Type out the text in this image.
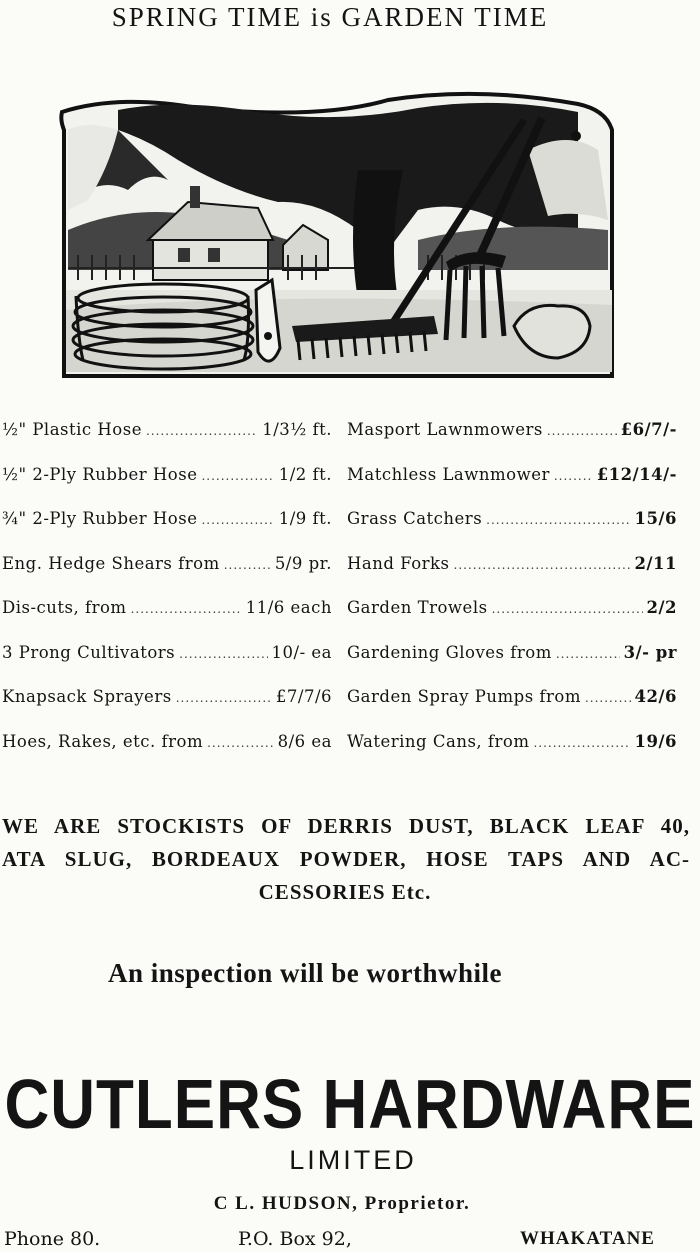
SPRING TIME is GARDEN TIME
½" Plastic Hose .....	1/3½ ft.
½" 2-Ply Rubber Hose .....	1/2 ft.
¾" 2-Ply Rubber Hose .....	1/9 ft.
Eng. Hedge Shears from .....	5/9 pr.
Dis-cuts, from .....	11/6 each
3 Prong Cultivators .....	10/- ea
Knapsack Sprayers .....	£7/7/6
Hoes, Rakes, etc. from .....	8/6 ea
Masport Lawnmowers .....	£6/7/-
Matchless Lawnmower .....	£12/14/-
Grass Catchers .....	15/6
Hand Forks .....	2/11
Garden Trowels .....	2/2
Gardening Gloves from .....	3/- pr
Garden Spray Pumps from .....	42/6
Watering Cans, from .....	19/6
WE ARE STOCKISTS OF DERRIS DUST, BLACK LEAF 40,
ATA SLUG, BORDEAUX POWDER, HOSE TAPS AND AC-
CESSORIES Etc.
An inspection will be worthwhile
CUTLERS HARDWARE
LIMITED
C L. HUDSON, Proprietor.
Phone 80.	P.O. Box 92,	WHAKATANE
